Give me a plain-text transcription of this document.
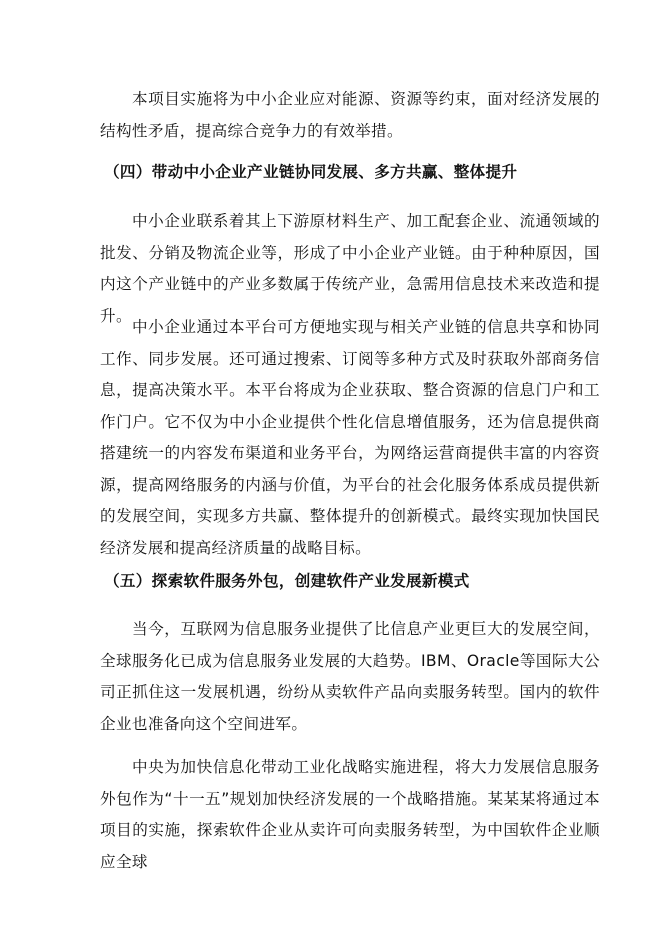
本项目实施将为中小企业应对能源、资源等约束，面对经济发展的结构性矛盾，提高综合竞争力的有效举措。

（四）带动中小企业产业链协同发展、多方共赢、整体提升

中小企业联系着其上下游原材料生产、加工配套企业、流通领域的批发、分销及物流企业等，形成了中小企业产业链。由于种种原因，国内这个产业链中的产业多数属于传统产业，急需用信息技术来改造和提升。

中小企业通过本平台可方便地实现与相关产业链的信息共享和协同工作、同步发展。还可通过搜索、订阅等多种方式及时获取外部商务信息，提高决策水平。本平台将成为企业获取、整合资源的信息门户和工作门户。它不仅为中小企业提供个性化信息增值服务，还为信息提供商搭建统一的内容发布渠道和业务平台，为网络运营商提供丰富的内容资源，提高网络服务的内涵与价值，为平台的社会化服务体系成员提供新的发展空间，实现多方共赢、整体提升的创新模式。最终实现加快国民经济发展和提高经济质量的战略目标。

（五）探索软件服务外包，创建软件产业发展新模式

当今，互联网为信息服务业提供了比信息产业更巨大的发展空间，全球服务化已成为信息服务业发展的大趋势。IBM、Oracle等国际大公司正抓住这一发展机遇，纷纷从卖软件产品向卖服务转型。国内的软件企业也准备向这个空间进军。

中央为加快信息化带动工业化战略实施进程，将大力发展信息服务外包作为“十一五”规划加快经济发展的一个战略措施。某某某将通过本项目的实施，探索软件企业从卖许可向卖服务转型，为中国软件企业顺应全球
